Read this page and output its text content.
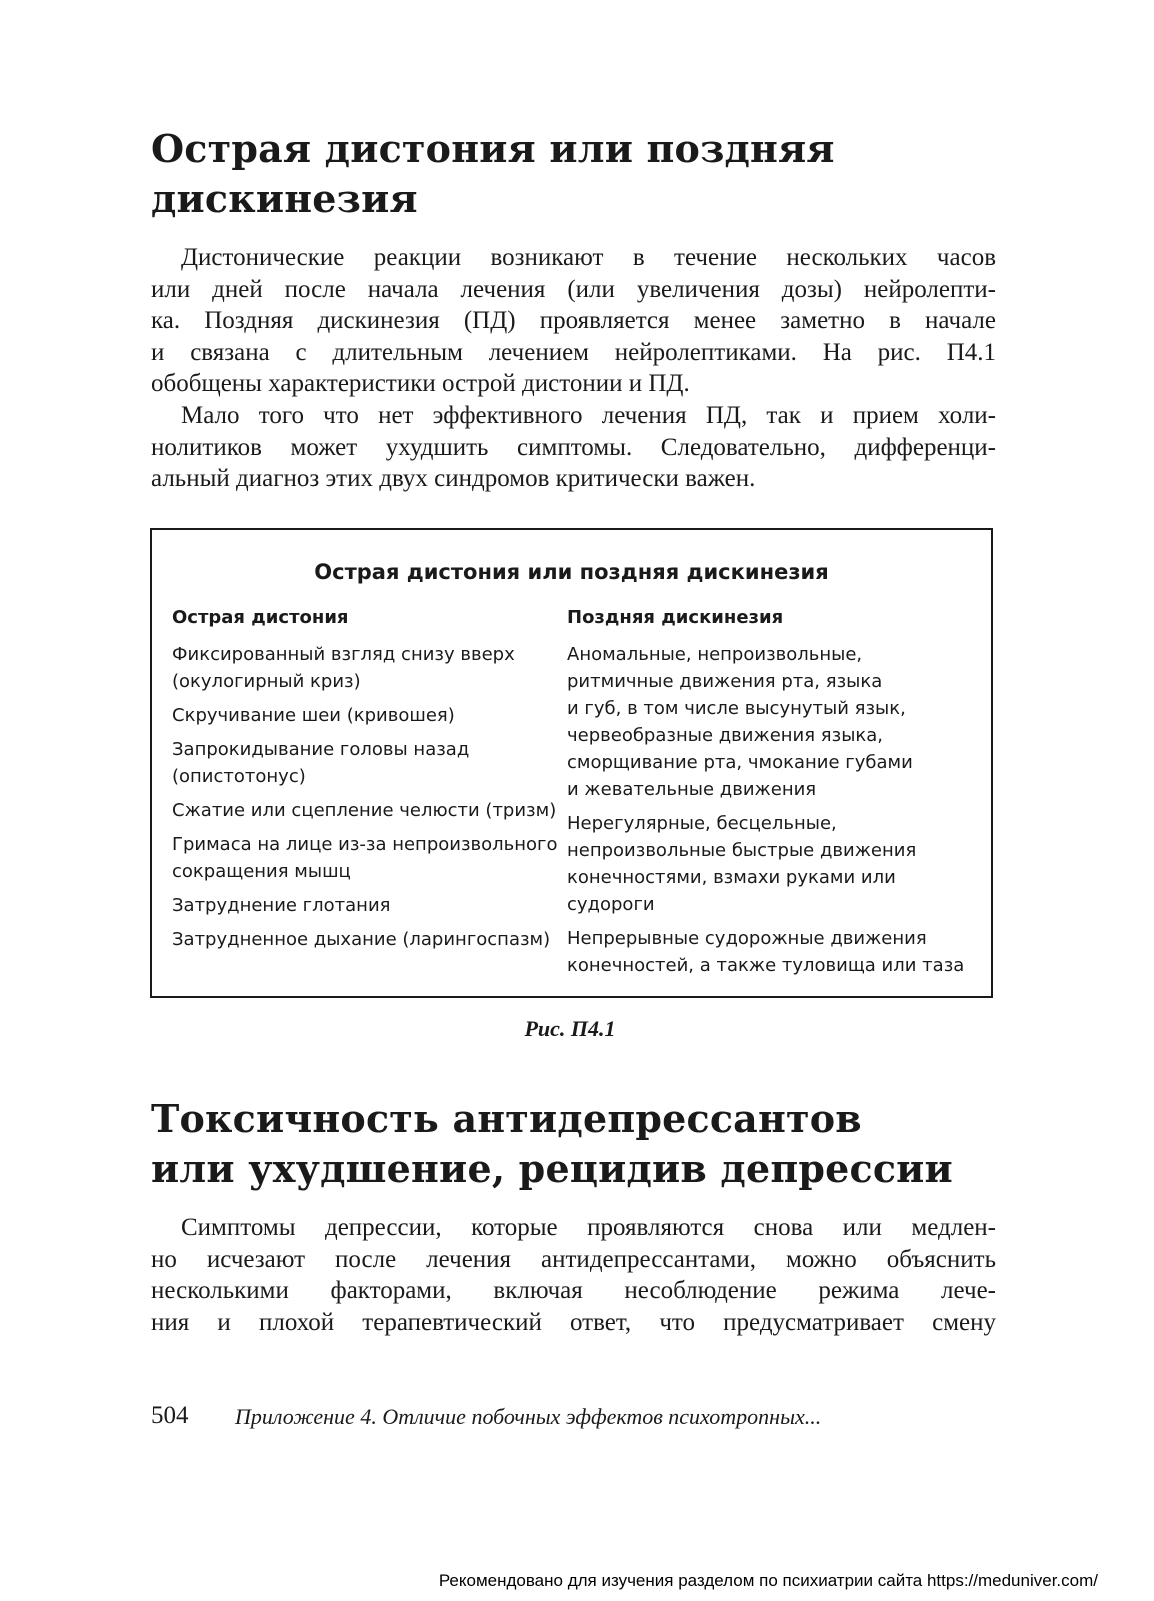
Острая дистония или поздняя
дискинезия
Дистонические реакции возникают в течение нескольких часов
или дней после начала лечения (или увеличения дозы) нейролепти-
ка. Поздняя дискинезия (ПД) проявляется менее заметно в начале
и связана с длительным лечением нейролептиками. На рис. П4.1
обобщены характеристики острой дистонии и ПД.
Мало того что нет эффективного лечения ПД, так и прием холи-
нолитиков может ухудшить симптомы. Следовательно, дифференци-
альный диагноз этих двух синдромов критически важен.
Острая дистония или поздняя дискинезия
Острая дистония
Фиксированный взгляд снизу вверх
(окулогирный криз)
Скручивание шеи (кривошея)
Запрокидывание головы назад
(опистотонус)
Сжатие или сцепление челюсти (тризм)
Гримаса на лице из-за непроизвольного
сокращения мышц
Затруднение глотания
Затрудненное дыхание (ларингоспазм)
Поздняя дискинезия
Аномальные, непроизвольные,
ритмичные движения рта, языка
и губ, в том числе высунутый язык,
червеобразные движения языка,
сморщивание рта, чмокание губами
и жевательные движения
Нерегулярные, бесцельные,
непроизвольные быстрые движения
конечностями, взмахи руками или
судороги
Непрерывные судорожные движения
конечностей, а также туловища или таза
Рис. П4.1
Токсичность антидепрессантов
или ухудшение, рецидив депрессии
Симптомы депрессии, которые проявляются снова или медлен-
но исчезают после лечения антидепрессантами, можно объяснить
несколькими факторами, включая несоблюдение режима лече-
ния и плохой терапевтический ответ, что предусматривает смену
504 Приложение 4. Отличие побочных эффектов психотропных...
Рекомендовано для изучения разделом по психиатрии сайта https://meduniver.com/
